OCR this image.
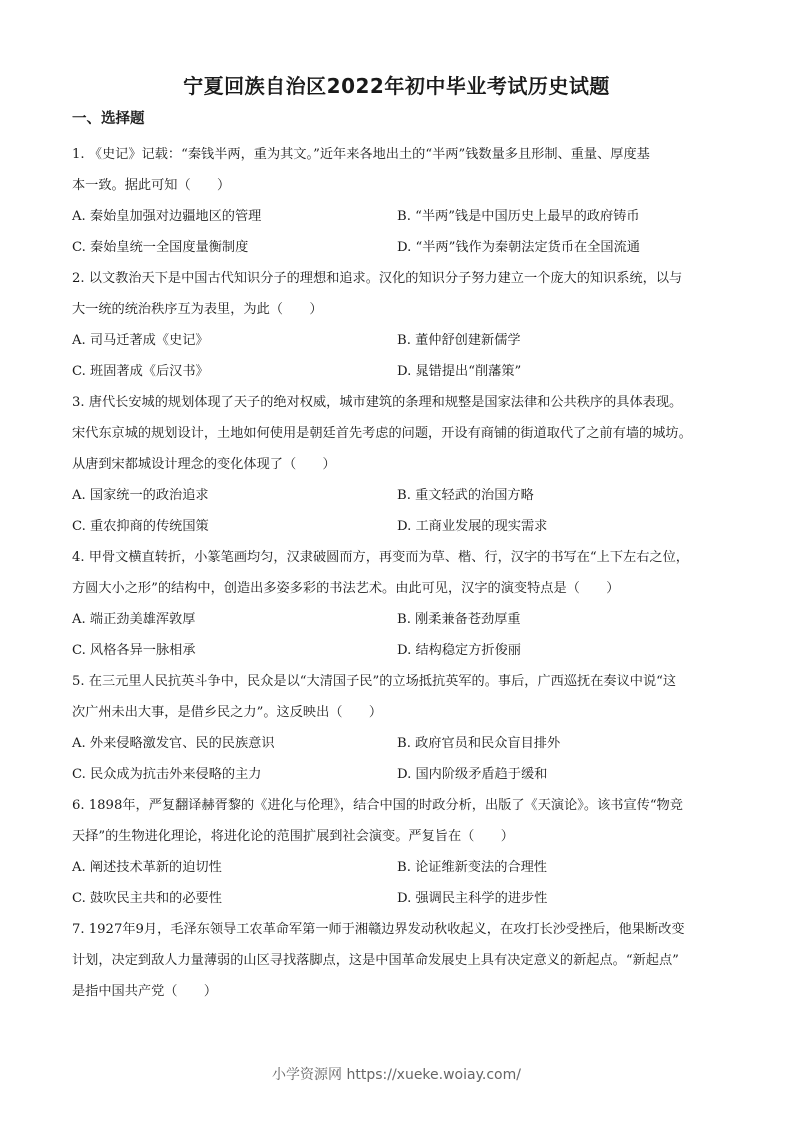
宁夏回族自治区2022年初中毕业考试历史试题
一、选择题
1. 《史记》记载：“秦钱半两，重为其文。”近年来各地出土的“半两”钱数量多且形制、重量、厚度基
本一致。据此可知（　　）
A. 秦始皇加强对边疆地区的管理	B. “半两”钱是中国历史上最早的政府铸币
C. 秦始皇统一全国度量衡制度	D. “半两”钱作为秦朝法定货币在全国流通
2. 以文教治天下是中国古代知识分子的理想和追求。汉化的知识分子努力建立一个庞大的知识系统，以与
大一统的统治秩序互为表里，为此（　　）
A. 司马迁著成《史记》	B. 董仲舒创建新儒学
C. 班固著成《后汉书》	D. 晁错提出“削藩策”
3. 唐代长安城的规划体现了天子的绝对权威，城市建筑的条理和规整是国家法律和公共秩序的具体表现。
宋代东京城的规划设计，土地如何使用是朝廷首先考虑的问题，开设有商铺的街道取代了之前有墙的城坊。
从唐到宋都城设计理念的变化体现了（　　）
A. 国家统一的政治追求	B. 重文轻武的治国方略
C. 重农抑商的传统国策	D. 工商业发展的现实需求
4. 甲骨文横直转折，小篆笔画均匀，汉隶破圆而方，再变而为草、楷、行，汉字的书写在“上下左右之位，
方圆大小之形”的结构中，创造出多姿多彩的书法艺术。由此可见，汉字的演变特点是（　　）
A. 端正劲美雄浑敦厚	B. 刚柔兼备苍劲厚重
C. 风格各异一脉相承	D. 结构稳定方折俊丽
5. 在三元里人民抗英斗争中，民众是以“大清国子民”的立场抵抗英军的。事后，广西巡抚在奏议中说“这
次广州未出大事，是借乡民之力”。这反映出（　　）
A. 外来侵略激发官、民的民族意识	B. 政府官员和民众盲目排外
C. 民众成为抗击外来侵略的主力	D. 国内阶级矛盾趋于缓和
6. 1898年，严复翻译赫胥黎的《进化与伦理》，结合中国的时政分析，出版了《天演论》。该书宣传“物竞
天择”的生物进化理论，将进化论的范围扩展到社会演变。严复旨在（　　）
A. 阐述技术革新的迫切性	B. 论证维新变法的合理性
C. 鼓吹民主共和的必要性	D. 强调民主科学的进步性
7. 1927年9月，毛泽东领导工农革命军第一师于湘赣边界发动秋收起义，在攻打长沙受挫后，他果断改变
计划，决定到敌人力量薄弱的山区寻找落脚点，这是中国革命发展史上具有决定意义的新起点。“新起点”
是指中国共产党（　　）
小学资源网 https://xueke.woiay.com/
